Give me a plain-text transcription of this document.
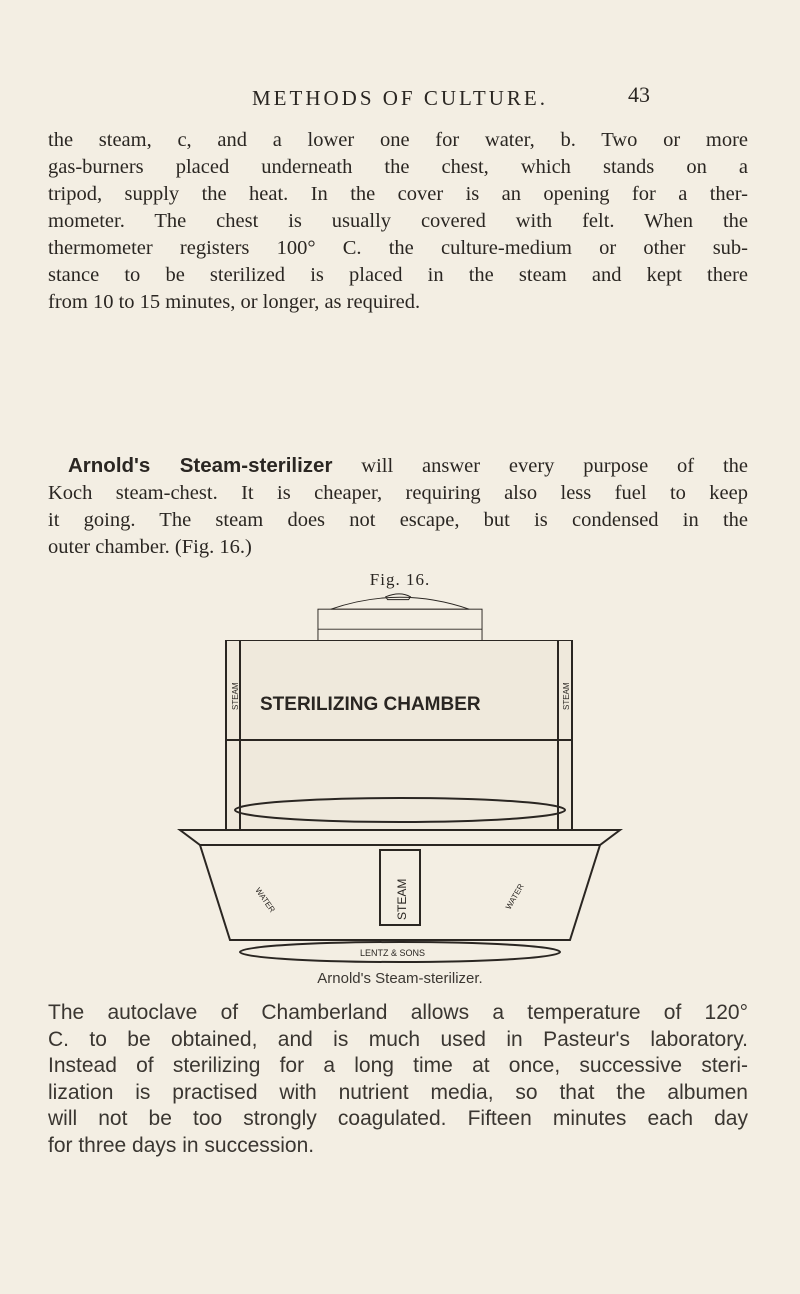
METHODS OF CULTURE.	43

the steam, c, and a lower one for water, b. Two or more
gas-burners placed underneath the chest, which stands on a
tripod, supply the heat. In the cover is an opening for a ther-
mometer. The chest is usually covered with felt. When the
thermometer registers 100° C. the culture-medium or other sub-
stance to be sterilized is placed in the steam and kept there
from 10 to 15 minutes, or longer, as required.

Arnold's Steam-sterilizer will answer every purpose of the
Koch steam-chest. It is cheaper, requiring also less fuel to keep
it going. The steam does not escape, but is condensed in the
outer chamber. (Fig. 16.)

Fig. 16.
STERILIZING CHAMBER
STEAM
STEAM	STEAM
WATER	WATER
LENTZ & SONS
Arnold's Steam-sterilizer.

The autoclave of Chamberland allows a temperature of 120°
C. to be obtained, and is much used in Pasteur's laboratory.
Instead of sterilizing for a long time at once, successive steri-
lization is practised with nutrient media, so that the albumen
will not be too strongly coagulated. Fifteen minutes each day
for three days in succession.
